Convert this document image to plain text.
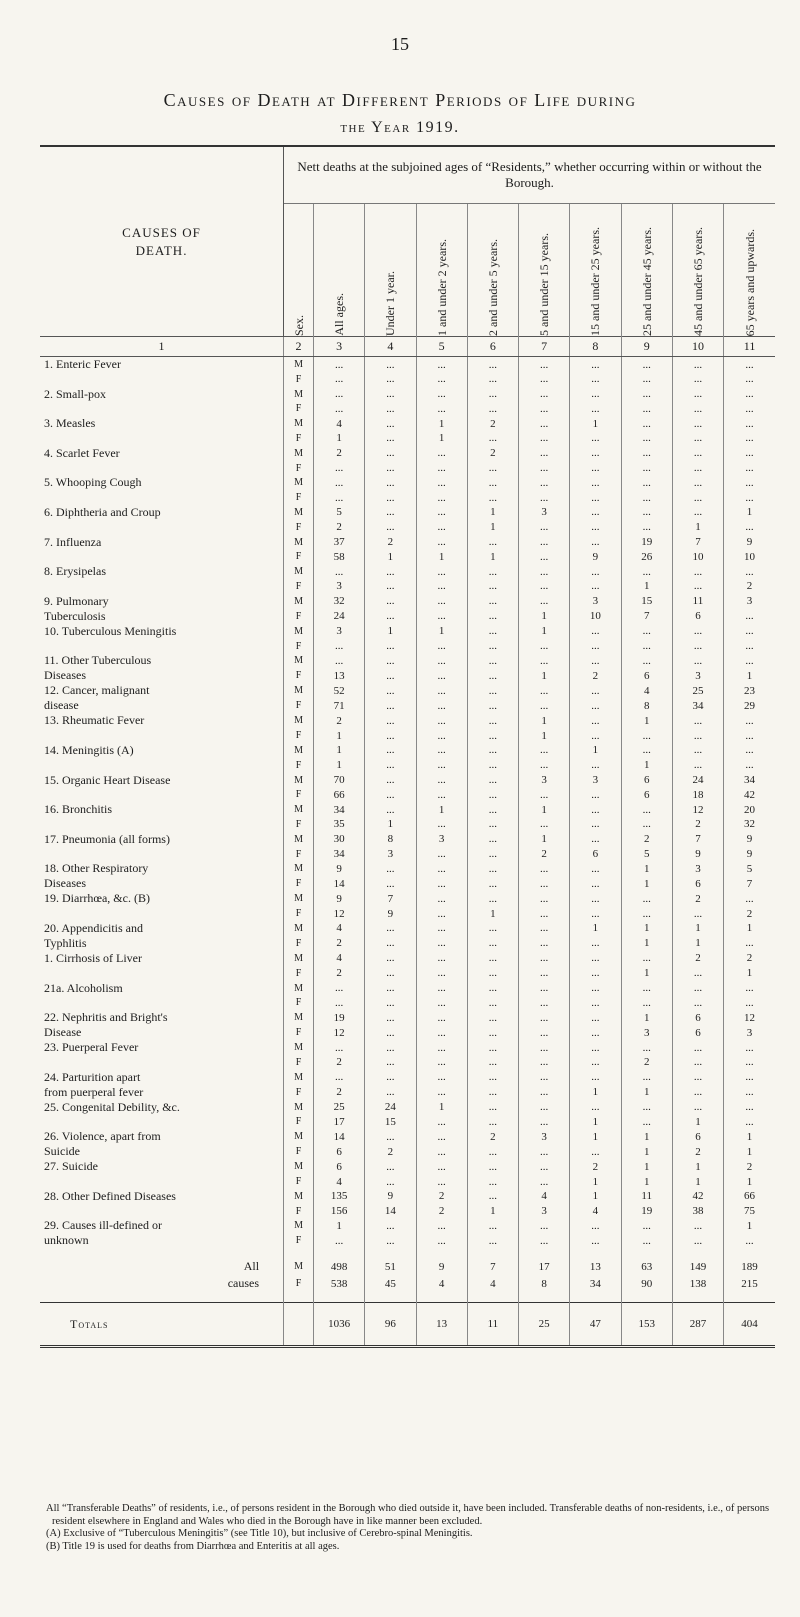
15
Causes of Death at Different Periods of Life during
the Year 1919.
CAUSES OF DEATH.	Nett deaths at the subjoined ages of “Residents,” whether occurring within or without the Borough.									

	Sex.	All ages.	Under 1 year.	1 and under 2 years.	2 and under 5 years.	5 and under 15 years.	15 and under 25 years.	25 and under 45 years.	45 and under 65 years.	65 years and upwards.

1	2	3	4	5	6	7	8	9	10	11
1. Enteric Fever	M	...	...	...	...	...	...	...	...	...
	F	...	...	...	...	...	...	...	...	...
2. Small-pox	M	...	...	...	...	...	...	...	...	...
	F	...	...	...	...	...	...	...	...	...
3. Measles	M	4	...	1	2	...	1	...	...	...
	F	1	...	1	...	...	...	...	...	...
4. Scarlet Fever	M	2	...	...	2	...	...	...	...	...
	F	...	...	...	...	...	...	...	...	...
5. Whooping Cough	M	...	...	...	...	...	...	...	...	...
	F	...	...	...	...	...	...	...	...	...
6. Diphtheria and Croup	M	5	...	...	1	3	...	...	...	1
	F	2	...	...	1	...	...	...	1	...
7. Influenza	M	37	2	...	...	...	...	19	7	9
	F	58	1	1	1	...	9	26	10	10
8. Erysipelas	M	...	...	...	...	...	...	...	...	...
	F	3	...	...	...	...	...	1	...	2
9. Pulmonary	M	32	...	...	...	...	3	15	11	3
Tuberculosis	F	24	...	...	...	1	10	7	6	...
10. Tuberculous Meningitis	M	3	1	1	...	1	...	...	...	...
	F	...	...	...	...	...	...	...	...	...
11. Other Tuberculous	M	...	...	...	...	...	...	...	...	...
Diseases	F	13	...	...	...	1	2	6	3	1
12. Cancer, malignant	M	52	...	...	...	...	...	4	25	23
disease	F	71	...	...	...	...	...	8	34	29
13. Rheumatic Fever	M	2	...	...	...	1	...	1	...	...
	F	1	...	...	...	1	...	...	...	...
14. Meningitis (A)	M	1	...	...	...	...	1	...	...	...
	F	1	...	...	...	...	...	1	...	...
15. Organic Heart Disease	M	70	...	...	...	3	3	6	24	34
	F	66	...	...	...	...	...	6	18	42
16. Bronchitis	M	34	...	1	...	1	...	...	12	20
	F	35	1	...	...	...	...	...	2	32
17. Pneumonia (all forms)	M	30	8	3	...	1	...	2	7	9
	F	34	3	...	...	2	6	5	9	9
18. Other Respiratory	M	9	...	...	...	...	...	1	3	5
Diseases	F	14	...	...	...	...	...	1	6	7
19. Diarrhœa, &c. (B)	M	9	7	...	...	...	...	...	2	...
	F	12	9	...	1	...	...	...	...	2
20. Appendicitis and	M	4	...	...	...	...	1	1	1	1
Typhlitis	F	2	...	...	...	...	...	1	1	...
1. Cirrhosis of Liver	M	4	...	...	...	...	...	...	2	2
	F	2	...	...	...	...	...	1	...	1
21a. Alcoholism	M	...	...	...	...	...	...	...	...	...
	F	...	...	...	...	...	...	...	...	...
22. Nephritis and Bright's	M	19	...	...	...	...	...	1	6	12
Disease	F	12	...	...	...	...	...	3	6	3
23. Puerperal Fever	M	...	...	...	...	...	...	...	...	...
	F	2	...	...	...	...	...	2	...	...
24. Parturition apart	M	...	...	...	...	...	...	...	...	...
from puerperal fever	F	2	...	...	...	...	1	1	...	...
25. Congenital Debility, &c.	M	25	24	1	...	...	...	...	...	...
	F	17	15	...	...	...	1	...	1	...
26. Violence, apart from	M	14	...	...	2	3	1	1	6	1
Suicide	F	6	2	...	...	...	...	1	2	1
27. Suicide	M	6	...	...	...	...	2	1	1	2
	F	4	...	...	...	...	1	1	1	1
28. Other Defined Diseases	M	135	9	2	...	4	1	11	42	66
	F	156	14	2	1	3	4	19	38	75
29. Causes ill-defined or	M	1	...	...	...	...	...	...	...	1
unknown	F	...	...	...	...	...	...	...	...	...

All	M	498	51	9	7	17	13	63	149	189
causes	F	538	45	4	4	8	34	90	138	215

Totals		1036	96	13	11	25	47	153	287	404

All “Transferable Deaths” of residents, i.e., of persons resident in the Borough who died outside it, have been included. Transferable deaths of non-residents, i.e., of persons resident elsewhere in England and Wales who died in the Borough have in like manner been excluded.

(A) Exclusive of “Tuberculous Meningitis” (see Title 10), but inclusive of Cerebro-spinal Meningitis.

(B) Title 19 is used for deaths from Diarrhœa and Enteritis at all ages.
